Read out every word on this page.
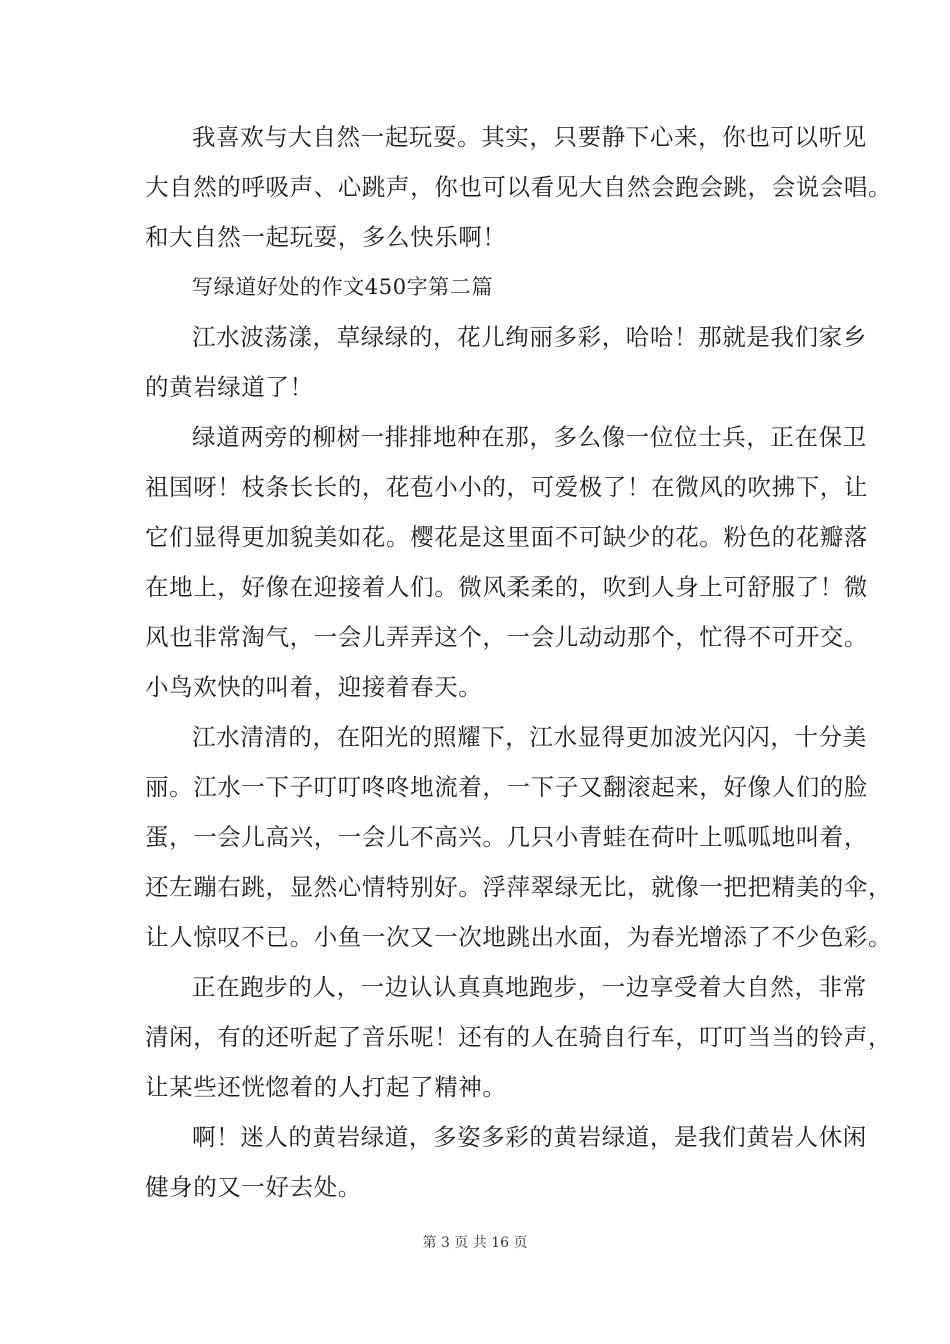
我喜欢与大自然一起玩耍。其实，只要静下心来，你也可以听见
大自然的呼吸声、心跳声，你也可以看见大自然会跑会跳，会说会唱。
和大自然一起玩耍，多么快乐啊！
写绿道好处的作文450字第二篇
江水波荡漾，草绿绿的，花儿绚丽多彩，哈哈！那就是我们家乡
的黄岩绿道了！
绿道两旁的柳树一排排地种在那，多么像一位位士兵，正在保卫
祖国呀！枝条长长的，花苞小小的，可爱极了！在微风的吹拂下，让
它们显得更加貌美如花。樱花是这里面不可缺少的花。粉色的花瓣落
在地上，好像在迎接着人们。微风柔柔的，吹到人身上可舒服了！微
风也非常淘气，一会儿弄弄这个，一会儿动动那个，忙得不可开交。
小鸟欢快的叫着，迎接着春天。
江水清清的，在阳光的照耀下，江水显得更加波光闪闪，十分美
丽。江水一下子叮叮咚咚地流着，一下子又翻滚起来，好像人们的脸
蛋，一会儿高兴，一会儿不高兴。几只小青蛙在荷叶上呱呱地叫着，
还左蹦右跳，显然心情特别好。浮萍翠绿无比，就像一把把精美的伞，
让人惊叹不已。小鱼一次又一次地跳出水面，为春光增添了不少色彩。
正在跑步的人，一边认认真真地跑步，一边享受着大自然，非常
清闲，有的还听起了音乐呢！还有的人在骑自行车，叮叮当当的铃声，
让某些还恍惚着的人打起了精神。
啊！迷人的黄岩绿道，多姿多彩的黄岩绿道，是我们黄岩人休闲
健身的又一好去处。
第 3 页 共 16 页
